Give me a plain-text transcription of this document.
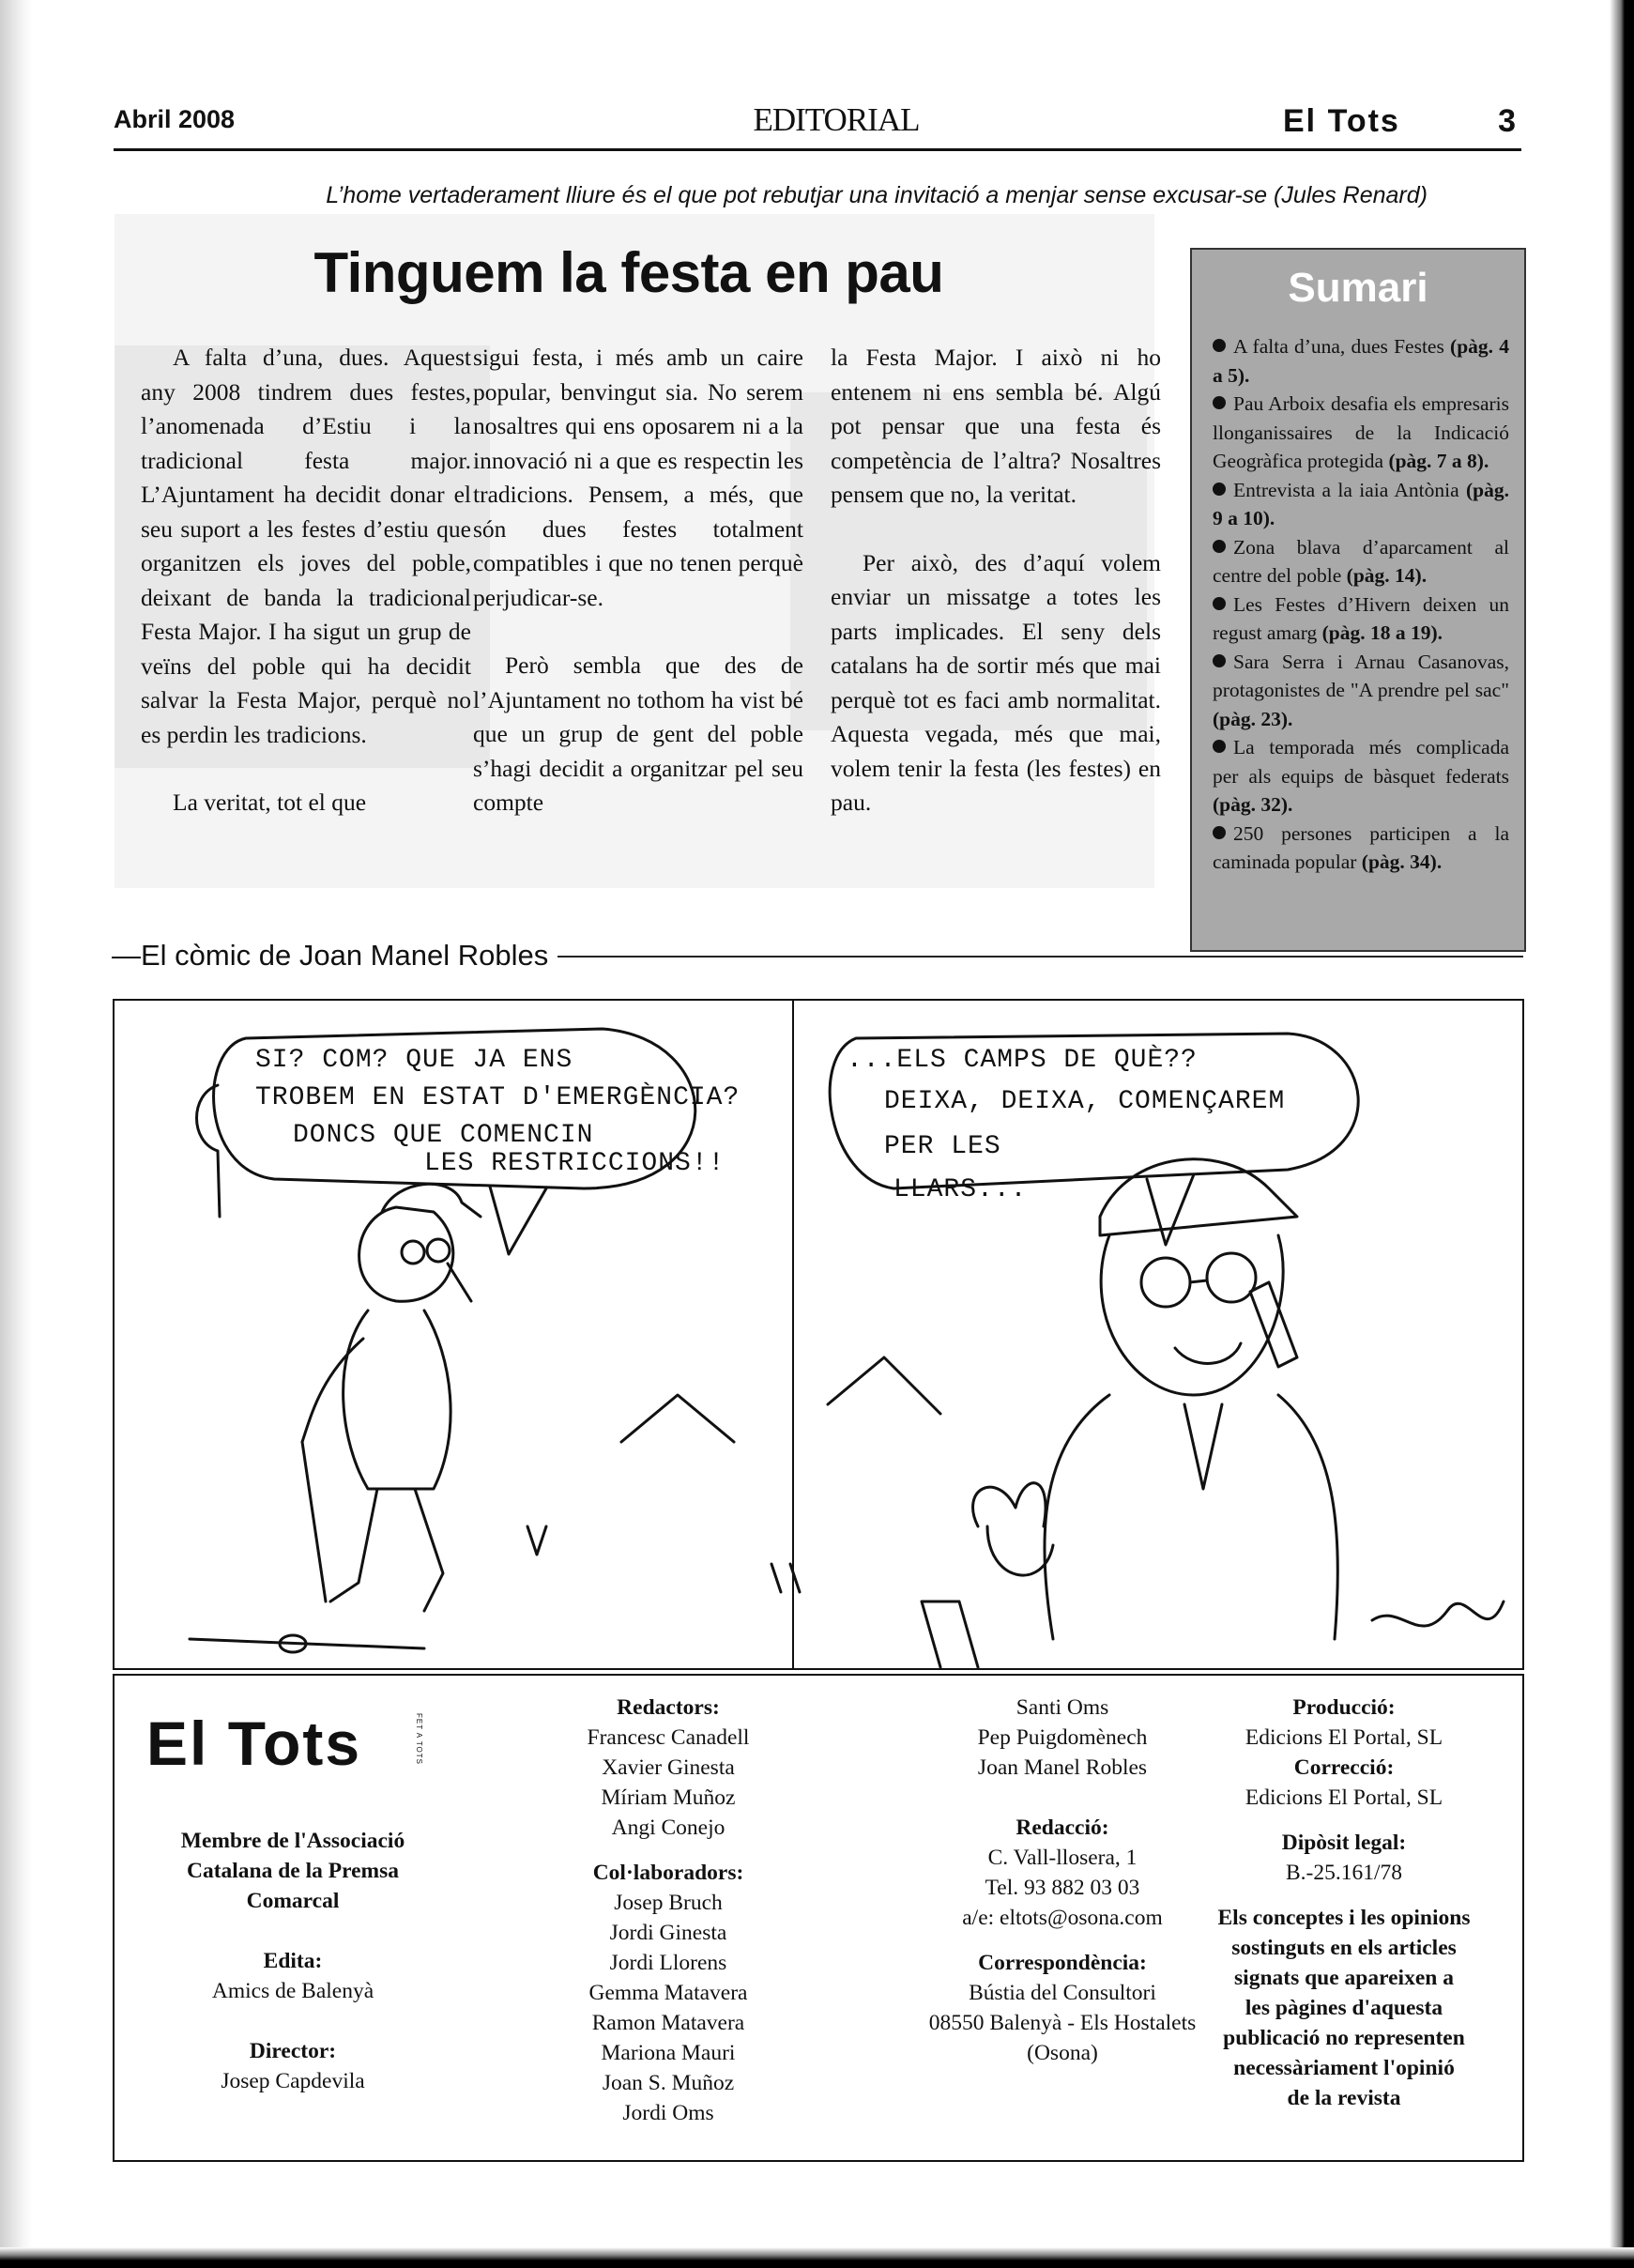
Abril 2008	EDITORIAL	El Tots	3
L’home vertaderament lliure és el que pot rebutjar una invitació a menjar sense excusar-se (Jules Renard)
Tinguem la festa en pau

A falta d’una, dues. Aquest any 2008 tindrem dues festes, l’anomenada d’Estiu i la tradicional festa major. L’Ajuntament ha decidit donar el seu suport a les festes d’estiu que organitzen els joves del poble, deixant de banda la tradicional Festa Major. I ha sigut un grup de veïns del poble qui ha decidit salvar la Festa Major, perquè no es perdin les tradicions.

La veritat, tot el que

sigui festa, i més amb un caire popular, benvingut sia. No serem nosaltres qui ens oposarem ni a la innovació ni a que es respectin les tradicions. Pensem, a més, que són dues festes totalment compatibles i que no tenen perquè perjudicar-se.

Però sembla que des de l’Ajuntament no tothom ha vist bé que un grup de gent del poble s’hagi decidit a organitzar pel seu compte

la Festa Major. I això ni ho entenem ni ens sembla bé. Algú pot pensar que una festa és competència de l’altra? Nosaltres pensem que no, la veritat.

Per això, des d’aquí volem enviar un missatge a totes les parts implicades. El seny dels catalans ha de sortir més que mai perquè tot es faci amb normalitat. Aquesta vegada, més que mai, volem tenir la festa (les festes) en pau.

Sumari
A falta d’una, dues Festes (pàg. 4 a 5).
Pau Arboix desafia els empresaris llonganissaires de la Indicació Geogràfica protegida (pàg. 7 a 8).
Entrevista a la iaia Antònia (pàg. 9 a 10).
Zona blava d’aparcament al centre del poble (pàg. 14).
Les Festes d’Hivern deixen un regust amarg (pàg. 18 a 19).
Sara Serra i Arnau Casanovas, protagonistes de "A prendre pel sac" (pàg. 23).
La temporada més complicada per als equips de bàsquet federats (pàg. 32).
250 persones participen a la caminada popular (pàg. 34).
—El còmic de Joan Manel Robles
SI? COM? QUE JA ENS
TROBEM EN ESTAT D'EMERGÈNCIA?
DONCS QUE COMENCIN
LES RESTRICCIONS!!
...ELS CAMPS DE QUÈ??
DEIXA, DEIXA, COMENÇAREM
PER LES
LLARS...
El Tots	FET A TOTS
Membre de l'Associació
Catalana de la Premsa
Comarcal
Edita:
Amics de Balenyà
Director:
Josep Capdevila
Redactors:
Francesc Canadell
Xavier Ginesta
Míriam Muñoz
Angi Conejo
Col·laboradors:
Josep Bruch
Jordi Ginesta
Jordi Llorens
Gemma Matavera
Ramon Matavera
Mariona Mauri
Joan S. Muñoz
Jordi Oms
Santi Oms
Pep Puigdomènech
Joan Manel Robles
Redacció:
C. Vall-llosera, 1
Tel. 93 882 03 03
a/e: eltots@osona.com
Correspondència:
Bústia del Consultori
08550 Balenyà - Els Hostalets
(Osona)
Producció:
Edicions El Portal, SL
Correcció:
Edicions El Portal, SL
Dipòsit legal:
B.-25.161/78
Els conceptes i les opinions
sostinguts en els articles
signats que apareixen a
les pàgines d'aquesta
publicació no representen
necessàriament l'opinió
de la revista
